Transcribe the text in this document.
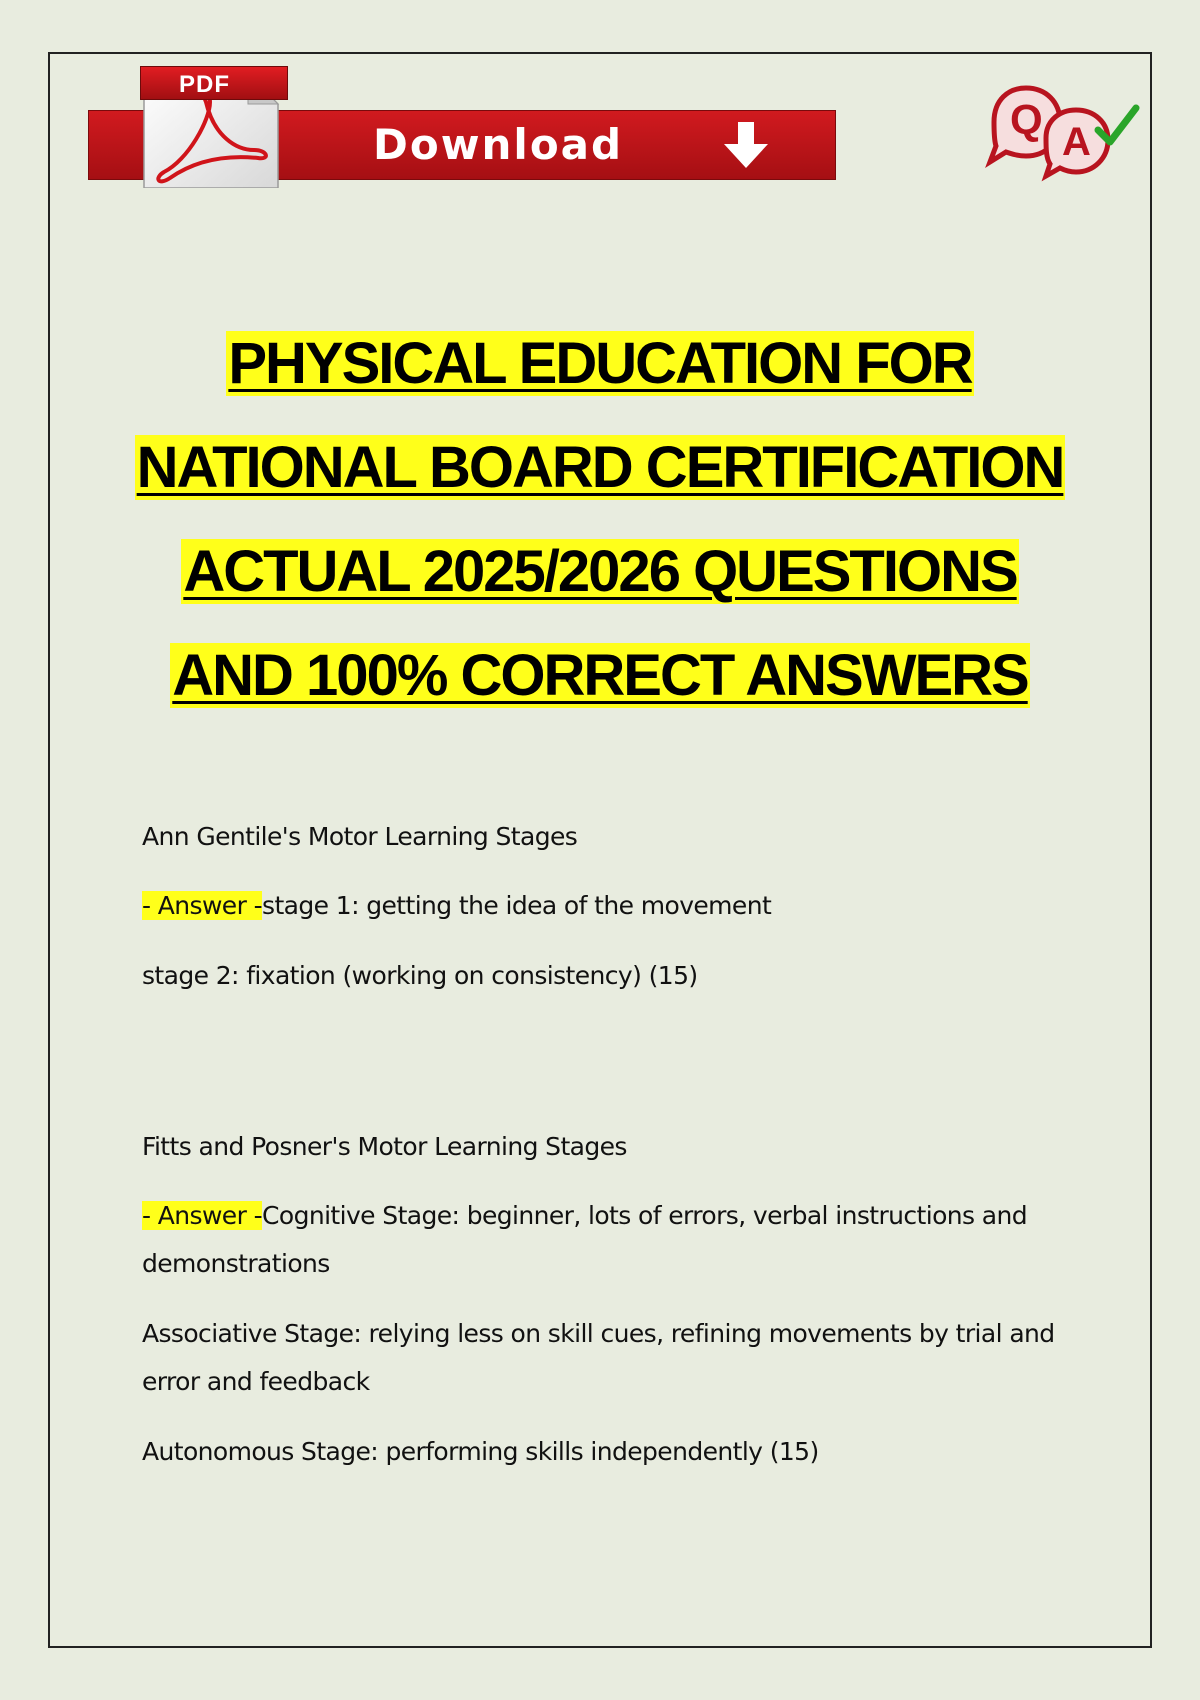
Download
PDF
Q A
PHYSICAL EDUCATION FOR
NATIONAL BOARD CERTIFICATION
ACTUAL 2025/2026 QUESTIONS
AND 100% CORRECT ANSWERS
Ann Gentile's Motor Learning Stages
- Answer -stage 1: getting the idea of the movement
stage 2: fixation (working on consistency) (15)
Fitts and Posner's Motor Learning Stages
- Answer -Cognitive Stage: beginner, lots of errors, verbal instructions and demonstrations
Associative Stage: relying less on skill cues, refining movements by trial and error and feedback
Autonomous Stage: performing skills independently (15)
